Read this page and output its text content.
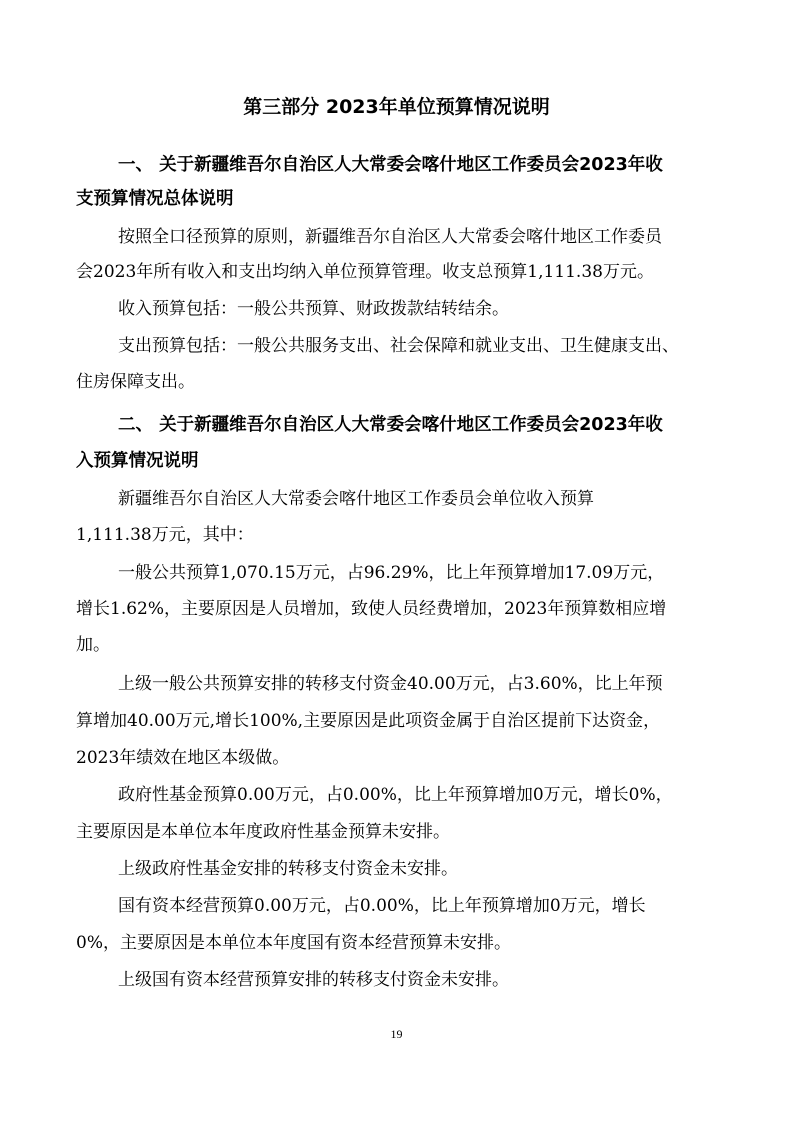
第三部分 2023年单位预算情况说明
一、 关于新疆维吾尔自治区人大常委会喀什地区工作委员会2023年收
支预算情况总体说明
按照全口径预算的原则，新疆维吾尔自治区人大常委会喀什地区工作委员
会2023年所有收入和支出均纳入单位预算管理。收支总预算1,111.38万元。
收入预算包括：一般公共预算、财政拨款结转结余。
支出预算包括：一般公共服务支出、社会保障和就业支出、卫生健康支出、
住房保障支出。
二、 关于新疆维吾尔自治区人大常委会喀什地区工作委员会2023年收
入预算情况说明
新疆维吾尔自治区人大常委会喀什地区工作委员会单位收入预算
1,111.38万元，其中：
一般公共预算1,070.15万元，占96.29%，比上年预算增加17.09万元，
增长1.62%，主要原因是人员增加，致使人员经费增加，2023年预算数相应增
加。
上级一般公共预算安排的转移支付资金40.00万元，占3.60%，比上年预
算增加40.00万元,增长100%,主要原因是此项资金属于自治区提前下达资金，
2023年绩效在地区本级做。
政府性基金预算0.00万元，占0.00%，比上年预算增加0万元，增长0%，
主要原因是本单位本年度政府性基金预算未安排。
上级政府性基金安排的转移支付资金未安排。
国有资本经营预算0.00万元，占0.00%，比上年预算增加0万元，增长
0%，主要原因是本单位本年度国有资本经营预算未安排。
上级国有资本经营预算安排的转移支付资金未安排。
19
